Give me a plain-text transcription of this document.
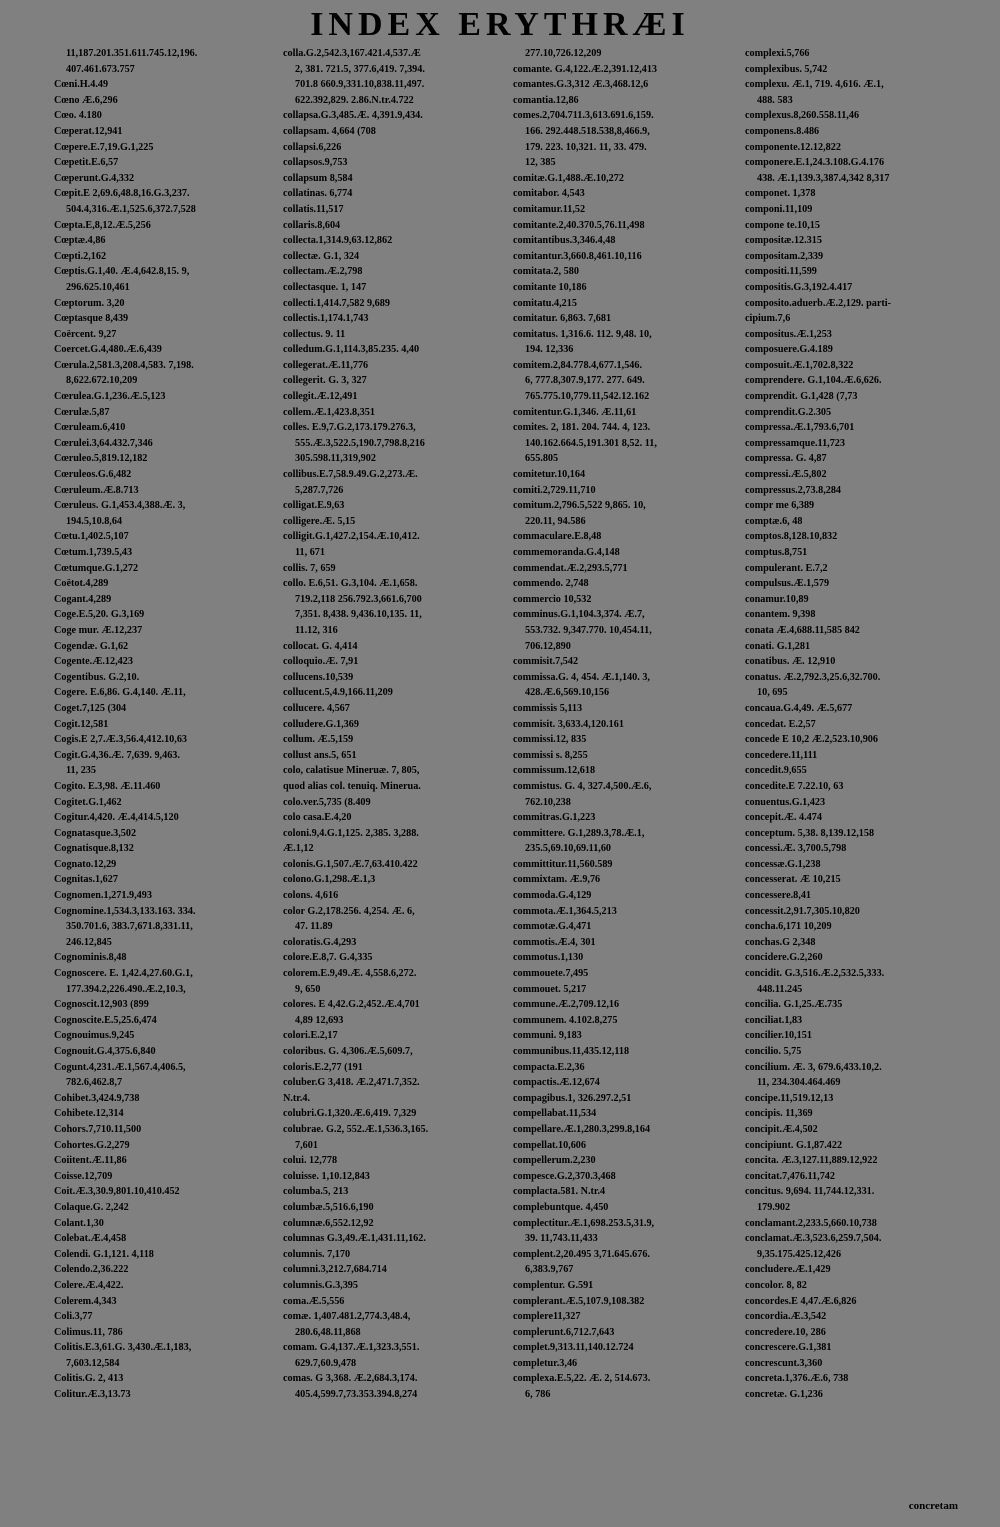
INDEX ERYTHRÆI
11,187.201.351.611.745.12,196.
407.461.673.757
Cœni.H.4.49
Cœno Æ.6,296
Cœo. 4.180
Cœperat.12,941
Cœpere.E.7,19.G.1,225
Cœpetit.E.6,57
Cœperunt.G.4,332
Cœpit.E 2,69.6,48.8,16.G.3,237.
504.4,316.Æ.1,525.6,372.7,528
Cœpta.E,8,12.Æ.5,256
Cœptæ.4,86
Cœpti.2,162
Cœptis.G.1,40. Æ.4,642.8,15. 9,
296.625.10,461
Cœptorum. 3,20
Cœptasque 8,439
Coërcent. 9,27
Coercet.G.4,480.Æ.6,439
Cœrula.2,581.3,208.4,583. 7,198.
8,622.672.10,209
Cœrulea.G.1,236.Æ.5,123
Cœrulæ.5,87
Cœruleam.6,410
Cœrulei.3,64.432.7,346
Cœruleo.5,819.12,182
Cœruleos.G.6,482
Cœruleum.Æ.8.713
Cœruleus. G.1,453.4,388.Æ. 3,
194.5,10.8,64
Cœtu.1,402.5,107
Cœtum.1,739.5,43
Cœtumque.G.1,272
Coëtot.4,289
Cogant.4,289
Coge.E.5,20. G.3,169
Coge mur. Æ.12,237
Cogendæ. G.1,62
Cogente.Æ.12,423
Cogentibus. G.2,10.
Cogere. E.6,86. G.4,140. Æ.11,
Coget.7,125 (304
Cogit.12,581
Cogis.E 2,7.Æ.3,56.4,412.10,63
Cogit.G.4,36.Æ. 7,639. 9,463.
11, 235
Cogito. E.3,98. Æ.11.460
Cogitet.G.1,462
Cogitur.4,420. Æ.4,414.5,120
Cognatasque.3,502
Cognatisque.8,132
Cognato.12,29
Cognitas.1,627
Cognomen.1,271.9,493
Cognomine.1,534.3,133.163. 334.
350.701.6, 383.7,671.8,331.11,
246.12,845
Cognominis.8,48
Cognoscere. E. 1,42.4,27.60.G.1,
177.394.2,226.490.Æ.2,10.3,
Cognoscit.12,903 (899
Cognoscite.E.5,25.6,474
Cognouimus.9,245
Cognouit.G.4,375.6,840
Cogunt.4,231.Æ.1,567.4,406.5,
782.6,462.8,7
Cohibet.3,424.9,738
Cohibete.12,314
Cohors.7,710.11,500
Cohortes.G.2,279
Coiitent.Æ.11,86
Coisse.12,709
Coit.Æ.3,30.9,801.10,410.452
Colaque.G. 2,242
Colant.1,30
Colebat.Æ.4,458
Colendi. G.1,121. 4,118
Colendo.2,36.222
Colere.Æ.4,422.
Colerem.4,343
Coli.3,77
Colimus.11, 786
Colitis.E.3,61.G. 3,430.Æ.1,183,
7,603.12,584
Colitis.G. 2, 413
Colitur.Æ.3,13.73
colla.G.2,542.3,167.421.4,537.Æ
2, 381. 721.5, 377.6,419. 7,394.
701.8 660.9,331.10,838.11,497.
622.392,829. 2.86.N.tr.4.722
collapsa.G.3,485.Æ. 4,391.9,434.
collapsam. 4,664 (708
collapsi.6,226
collapsos.9,753
collapsum 8,584
collatinas. 6,774
collatis.11,517
collaris.8,604
collecta.1,314.9,63.12,862
collectæ. G.1, 324
collectam.Æ.2,798
collectasque. 1, 147
collecti.1,414.7,582 9,689
collectis.1,174.1,743
collectus. 9. 11
colledum.G.1,114.3,85.235. 4,40
collegerat.Æ.11,776
collegerit. G. 3, 327
collegit.Æ.12,491
collem.Æ.1,423.8,351
colles. E.9,7.G.2,173.179.276.3,
555.Æ.3,522.5,190.7,798.8,216
305.598.11,319,902
collibus.E.7,58.9.49.G.2,273.Æ.
5,287.7,726
colligat.E.9,63
colligere.Æ. 5,15
colligit.G.1,427.2,154.Æ.10,412.
11, 671
collis. 7, 659
collo. E.6,51. G.3,104. Æ.1,658.
719.2,118 256.792.3,661.6,700
7,351. 8,438. 9,436.10,135. 11,
11.12, 316
collocat. G. 4,414
colloquio.Æ. 7,91
collucens.10,539
collucent.5,4.9,166.11,209
collucere. 4,567
colludere.G.1,369
collum. Æ.5,159
collust ans.5, 651
colo, calatisue Mineruæ. 7, 805,
quod alias col. tenuiq. Minerua.
colo.ver.5,735 (8.409
colo casa.E.4,20
coloni.9,4.G.1,125. 2,385. 3,288.
Æ.1,12
colonis.G.1,507.Æ.7,63.410.422
colono.G.1,298.Æ.1,3
colons. 4,616
color G.2,178.256. 4,254. Æ. 6,
47. 11.89
coloratis.G.4,293
colore.E.8,7. G.4,335
colorem.E.9,49.Æ. 4,558.6,272.
9, 650
colores. E 4,42.G.2,452.Æ.4,701
4,89 12,693
colori.E.2,17
coloribus. G. 4,306.Æ.5,609.7,
coloris.E.2,77 (191
coluber.G 3,418. Æ.2,471.7,352.
N.tr.4.
colubri.G.1,320.Æ.6,419. 7,329
colubrae. G.2, 552.Æ.1,536.3,165.
7,601
colui. 12,778
coluisse. 1,10.12,843
columba.5, 213
columbæ.5,516.6,190
columnæ.6,552.12,92
columnas G.3,49.Æ.1,431.11,162.
columnis. 7,170
columni.3,212.7,684.714
columnis.G.3,395
coma.Æ.5,556
comæ. 1,407.481.2,774.3,48.4,
280.6,48.11,868
comam. G.4,137.Æ.1,323.3,551.
629.7,60.9,478
comas. G 3,368. Æ.2,684.3,174.
405.4,599.7,73.353.394.8,274
277.10,726.12,209
comante. G.4,122.Æ.2,391.12,413
comantes.G.3,312 Æ.3,468.12,6
comantia.12,86
comes.2,704.711.3,613.691.6,159.
166. 292.448.518.538,8,466.9,
179. 223. 10,321. 11, 33. 479.
12, 385
comitæ.G.1,488.Æ.10,272
comitabor. 4,543
comitamur.11,52
comitante.2,40.370.5,76.11,498
comitantibus.3,346.4,48
comitantur.3,660.8,461.10,116
comitata.2, 580
comitante 10,186
comitatu.4,215
comitatur. 6,863. 7,681
comitatus. 1,316.6. 112. 9,48. 10,
194. 12,336
comitem.2,84.778.4,677.1,546.
6, 777.8,307.9,177. 277. 649.
765.775.10,779.11,542.12.162
comitentur.G.1,346. Æ.11,61
comites. 2, 181. 204. 744. 4, 123.
140.162.664.5,191.301 8,52. 11,
655.805
comitetur.10,164
comiti.2,729.11,710
comitum.2,796.5,522 9,865. 10,
220.11, 94.586
commaculare.E.8,48
commemoranda.G.4,148
commendat.Æ.2,293.5,771
commendo. 2,748
commercio 10,532
comminus.G.1,104.3,374. Æ.7,
553.732. 9,347.770. 10,454.11,
706.12,890
commisit.7,542
commissa.G. 4, 454. Æ.1,140. 3,
428.Æ.6,569.10,156
commissis 5,113
commisit. 3,633.4,120.161
commissi.12, 835
commissi s. 8,255
commissum.12,618
commistus. G. 4, 327.4,500.Æ.6,
762.10,238
commitras.G.1,223
committere. G.1,289.3,78.Æ.1,
235.5,69.10,69.11,60
committitur.11,560.589
commixtam. Æ.9,76
commoda.G.4,129
commota.Æ.1,364.5,213
commotæ.G.4,471
commotis.Æ.4, 301
commotus.1,130
commouete.7,495
commouet. 5,217
commune.Æ.2,709.12,16
communem. 4.102.8,275
communi. 9,183
communibus.11,435.12,118
compacta.E.2,36
compactis.Æ.12,674
compagibus.1, 326.297.2,51
compellabat.11,534
compellare.Æ.1,280.3,299.8,164
compellat.10,606
compellerum.2,230
compesce.G.2,370.3,468
complacta.581. N.tr.4
complebuntque. 4,450
complectitur.Æ.1,698.253.5,31.9,
39. 11,743.11,433
complent.2,20.495 3,71.645.676.
6,383.9,767
complentur. G.591
complerant.Æ.5,107.9,108.382
complere11,327
complerunt.6,712.7,643
complet.9,313.11,140.12.724
completur.3,46
complexa.E.5,22. Æ. 2, 514.673.
6, 786
complexi.5,766
complexibus. 5,742
complexu. Æ.1, 719. 4,616. Æ.1,
488. 583
complexus.8,260.558.11,46
componens.8.486
componente.12.12,822
componere.E.1,24.3.108.G.4.176
438. Æ.1,139.3,387.4,342 8,317
componet. 1,378
componi.11,109
compone te.10,15
compositæ.12.315
compositam.2,339
compositi.11,599
compositis.G.3,192.4.417
composito.aduerb.Æ.2,129. parti-
cipium.7,6
compositus.Æ.1,253
composuere.G.4.189
composuit.Æ.1,702.8,322
comprendere. G.1,104.Æ.6,626.
comprendit. G.1,428 (7,73
comprendit.G.2.305
compressa.Æ.1,793.6,701
compressamque.11,723
compressa. G. 4,87
compressi.Æ.5,802
compressus.2,73.8,284
compr me 6,389
comptæ.6, 48
comptos.8,128.10,832
comptus.8,751
compulerant. E.7,2
compulsus.Æ.1,579
conamur.10,89
conantem. 9,398
conata Æ.4,688.11,585 842
conati. G.1,281
conatibus. Æ. 12,910
conatus. Æ.2,792.3,25.6,32.700.
10, 695
concaua.G.4,49. Æ.5,677
concedat. E.2,57
concede E 10,2 Æ.2,523.10,906
concedere.11,111
concedit.9,655
concedite.E 7.22.10, 63
conuentus.G.1,423
concepit.Æ. 4.474
conceptum. 5,38. 8,139.12,158
concessi.Æ. 3,700.5,798
concessæ.G.1,238
concesserat. Æ 10,215
concessere.8,41
concessit.2,91.7,305.10,820
concha.6,171 10,209
conchas.G 2,348
concidere.G.2,260
concidit. G.3,516.Æ.2,532.5,333.
448.11.245
concilia. G.1,25.Æ.735
conciliat.1,83
concilier.10,151
concilio. 5,75
concilium. Æ. 3, 679.6,433.10,2.
11, 234.304.464.469
concipe.11,519.12,13
concipis. 11,369
concipit.Æ.4,502
concipiunt. G.1,87.422
concita. Æ.3,127.11,889.12,922
concitat.7,476.11,742
concitus. 9,694. 11,744.12,331.
179.902
conclamant.2,233.5,660.10,738
conclamat.Æ.3,523.6,259.7,504.
9,35.175.425.12,426
concludere.Æ.1,429
concolor. 8, 82
concordes.E 4,47.Æ.6,826
concordia.Æ.3,542
concredere.10, 286
concrescere.G.1,381
concrescunt.3,360
concreta.1,376.Æ.6, 738
concretæ. G.1,236
concretam
